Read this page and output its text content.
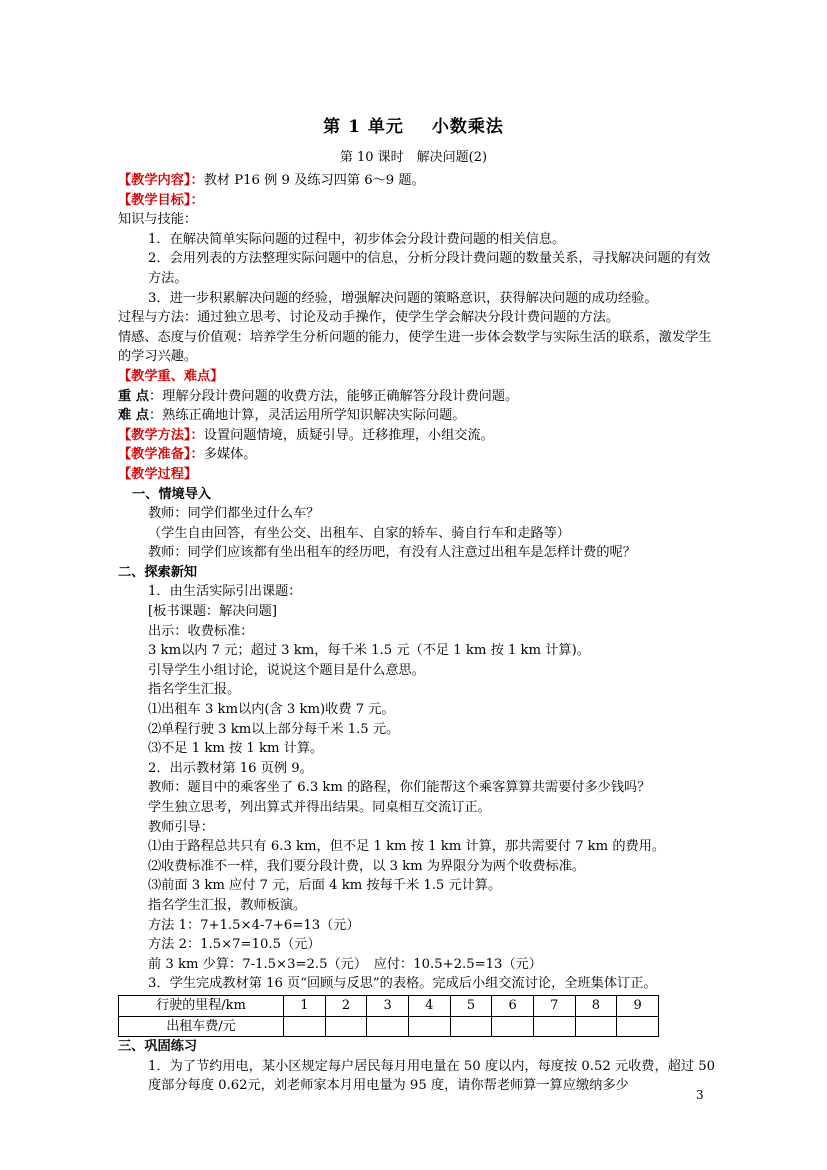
第 1 单元 小数乘法
第 10 课时　解决问题(2)
【教学内容】：教材 P16 例 9 及练习四第 6～9 题。
【教学目标】：
知识与技能：
1．在解决简单实际问题的过程中，初步体会分段计费问题的相关信息。
2．会用列表的方法整理实际问题中的信息，分析分段计费问题的数量关系，寻找解决问题的有效方法。
3．进一步积累解决问题的经验，增强解决问题的策略意识，获得解决问题的成功经验。
过程与方法：通过独立思考、讨论及动手操作，使学生学会解决分段计费问题的方法。
情感、态度与价值观：培养学生分析问题的能力，使学生进一步体会数学与实际生活的联系，激发学生的学习兴趣。
【教学重、难点】
重 点：理解分段计费问题的收费方法，能够正确解答分段计费问题。
难 点：熟练正确地计算，灵活运用所学知识解决实际问题。
【教学方法】：设置问题情境，质疑引导。迁移推理，小组交流。
【教学准备】：多媒体。
【教学过程】
一、情境导入
教师：同学们都坐过什么车？
（学生自由回答，有坐公交、出租车、自家的轿车、骑自行车和走路等）
教师：同学们应该都有坐出租车的经历吧，有没有人注意过出租车是怎样计费的呢？
二、探索新知
1．由生活实际引出课题：
[板书课题：解决问题]
出示：收费标准：
3 km以内 7 元；超过 3 km，每千米 1.5 元（不足 1 km 按 1 km 计算)。
引导学生小组讨论，说说这个题目是什么意思。
指名学生汇报。
⑴出租车 3 km以内(含 3 km)收费 7 元。
⑵单程行驶 3 km以上部分每千米 1.5 元。
⑶不足 1 km 按 1 km 计算。
2．出示教材第 16 页例 9。
教师：题目中的乘客坐了 6.3 km 的路程，你们能帮这个乘客算算共需要付多少钱吗？
学生独立思考，列出算式并得出结果。同桌相互交流订正。
教师引导：
⑴由于路程总共只有 6.3 km，但不足 1 km 按 1 km 计算，那共需要付 7 km 的费用。
⑵收费标准不一样，我们要分段计费，以 3 km 为界限分为两个收费标准。
⑶前面 3 km 应付 7 元，后面 4 km 按每千米 1.5 元计算。
指名学生汇报，教师板演。
方法 1：7+1.5×4-7+6=13（元）
方法 2：1.5×7=10.5（元）
前 3 km 少算：7-1.5×3=2.5（元）　应付：10.5+2.5=13（元）
3．学生完成教材第 16 页“回顾与反思”的表格。完成后小组交流讨论，全班集体订正。
行驶的里程/km	1	2	3	4	5	6	7	8	9
出租车费/元									
三、巩固练习
1．为了节约用电，某小区规定每户居民每月用电量在 50 度以内，每度按 0.52 元收费，超过 50 度部分每度 0.62元，刘老师家本月用电量为 95 度，请你帮老师算一算应缴纳多少
3
